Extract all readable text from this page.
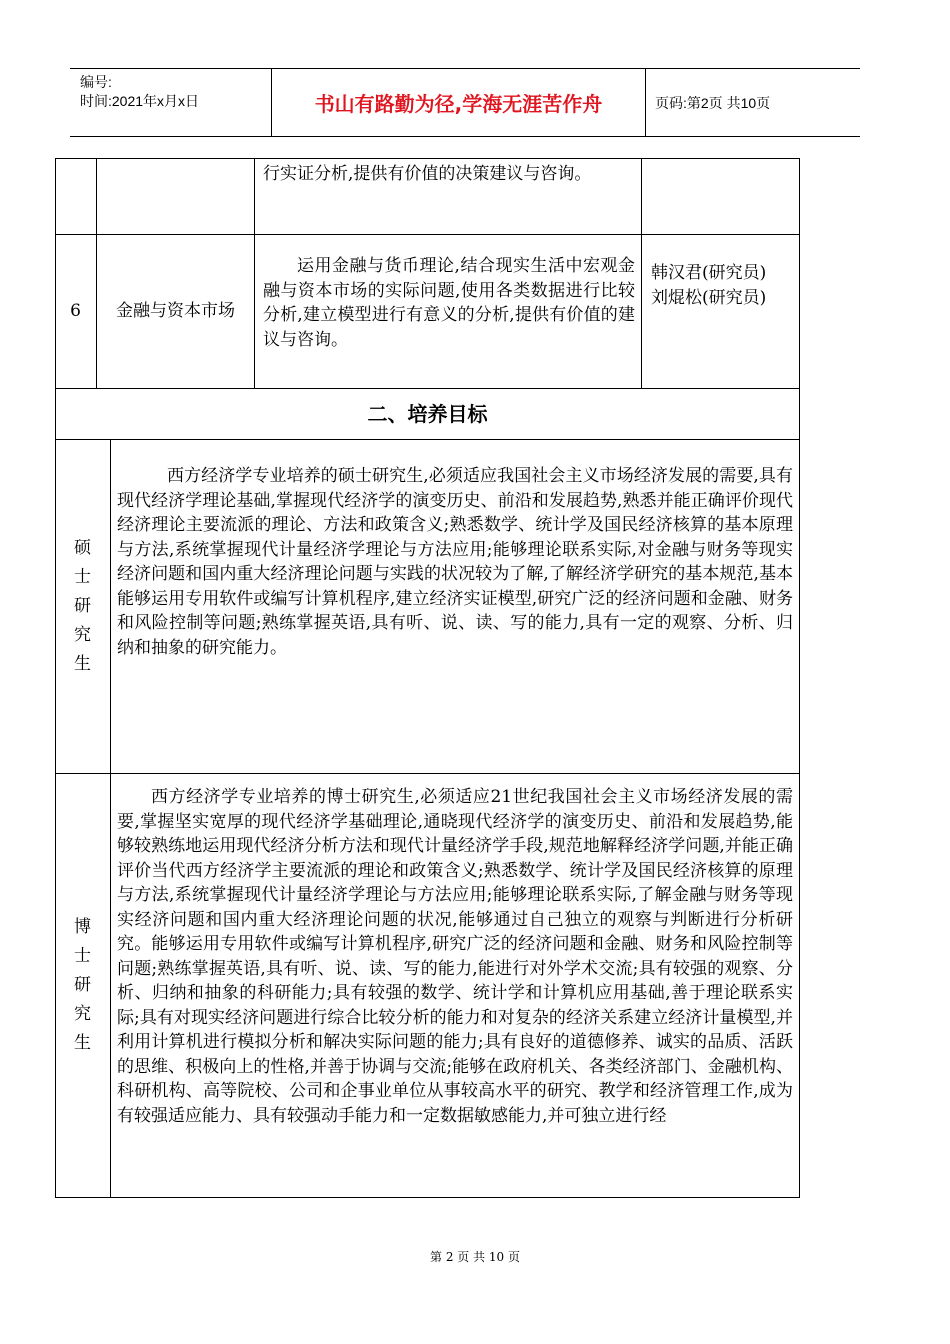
编号:
时间:2021年x月x日	书山有路勤为径,学海无涯苦作舟	页码:第2页 共10页
行实证分析,提供有价值的决策建议与咨询。
6 金融与资本市场
运用金融与货币理论,结合现实生活中宏观金融与资本市场的实际问题,使用各类数据进行比较分析,建立模型进行有意义的分析,提供有价值的建议与咨询。
韩汉君(研究员)
刘焜松(研究员)
二、培养目标
硕士研究生
西方经济学专业培养的硕士研究生,必须适应我国社会主义市场经济发展的需要,具有现代经济学理论基础,掌握现代经济学的演变历史、前沿和发展趋势,熟悉并能正确评价现代经济理论主要流派的理论、方法和政策含义;熟悉数学、统计学及国民经济核算的基本原理与方法,系统掌握现代计量经济学理论与方法应用;能够理论联系实际,对金融与财务等现实经济问题和国内重大经济理论问题与实践的状况较为了解,了解经济学研究的基本规范,基本能够运用专用软件或编写计算机程序,建立经济实证模型,研究广泛的经济问题和金融、财务和风险控制等问题;熟练掌握英语,具有听、说、读、写的能力,具有一定的观察、分析、归纳和抽象的研究能力。
博士研究生
西方经济学专业培养的博士研究生,必须适应21世纪我国社会主义市场经济发展的需要,掌握坚实宽厚的现代经济学基础理论,通晓现代经济学的演变历史、前沿和发展趋势,能够较熟练地运用现代经济分析方法和现代计量经济学手段,规范地解释经济学问题,并能正确评价当代西方经济学主要流派的理论和政策含义;熟悉数学、统计学及国民经济核算的原理与方法,系统掌握现代计量经济学理论与方法应用;能够理论联系实际,了解金融与财务等现实经济问题和国内重大经济理论问题的状况,能够通过自己独立的观察与判断进行分析研究。能够运用专用软件或编写计算机程序,研究广泛的经济问题和金融、财务和风险控制等问题;熟练掌握英语,具有听、说、读、写的能力,能进行对外学术交流;具有较强的观察、分析、归纳和抽象的科研能力;具有较强的数学、统计学和计算机应用基础,善于理论联系实际;具有对现实经济问题进行综合比较分析的能力和对复杂的经济关系建立经济计量模型,并利用计算机进行模拟分析和解决实际问题的能力;具有良好的道德修养、诚实的品质、活跃的思维、积极向上的性格,并善于协调与交流;能够在政府机关、各类经济部门、金融机构、科研机构、高等院校、公司和企事业单位从事较高水平的研究、教学和经济管理工作,成为有较强适应能力、具有较强动手能力和一定数据敏感能力,并可独立进行经
第 2 页 共 10 页
